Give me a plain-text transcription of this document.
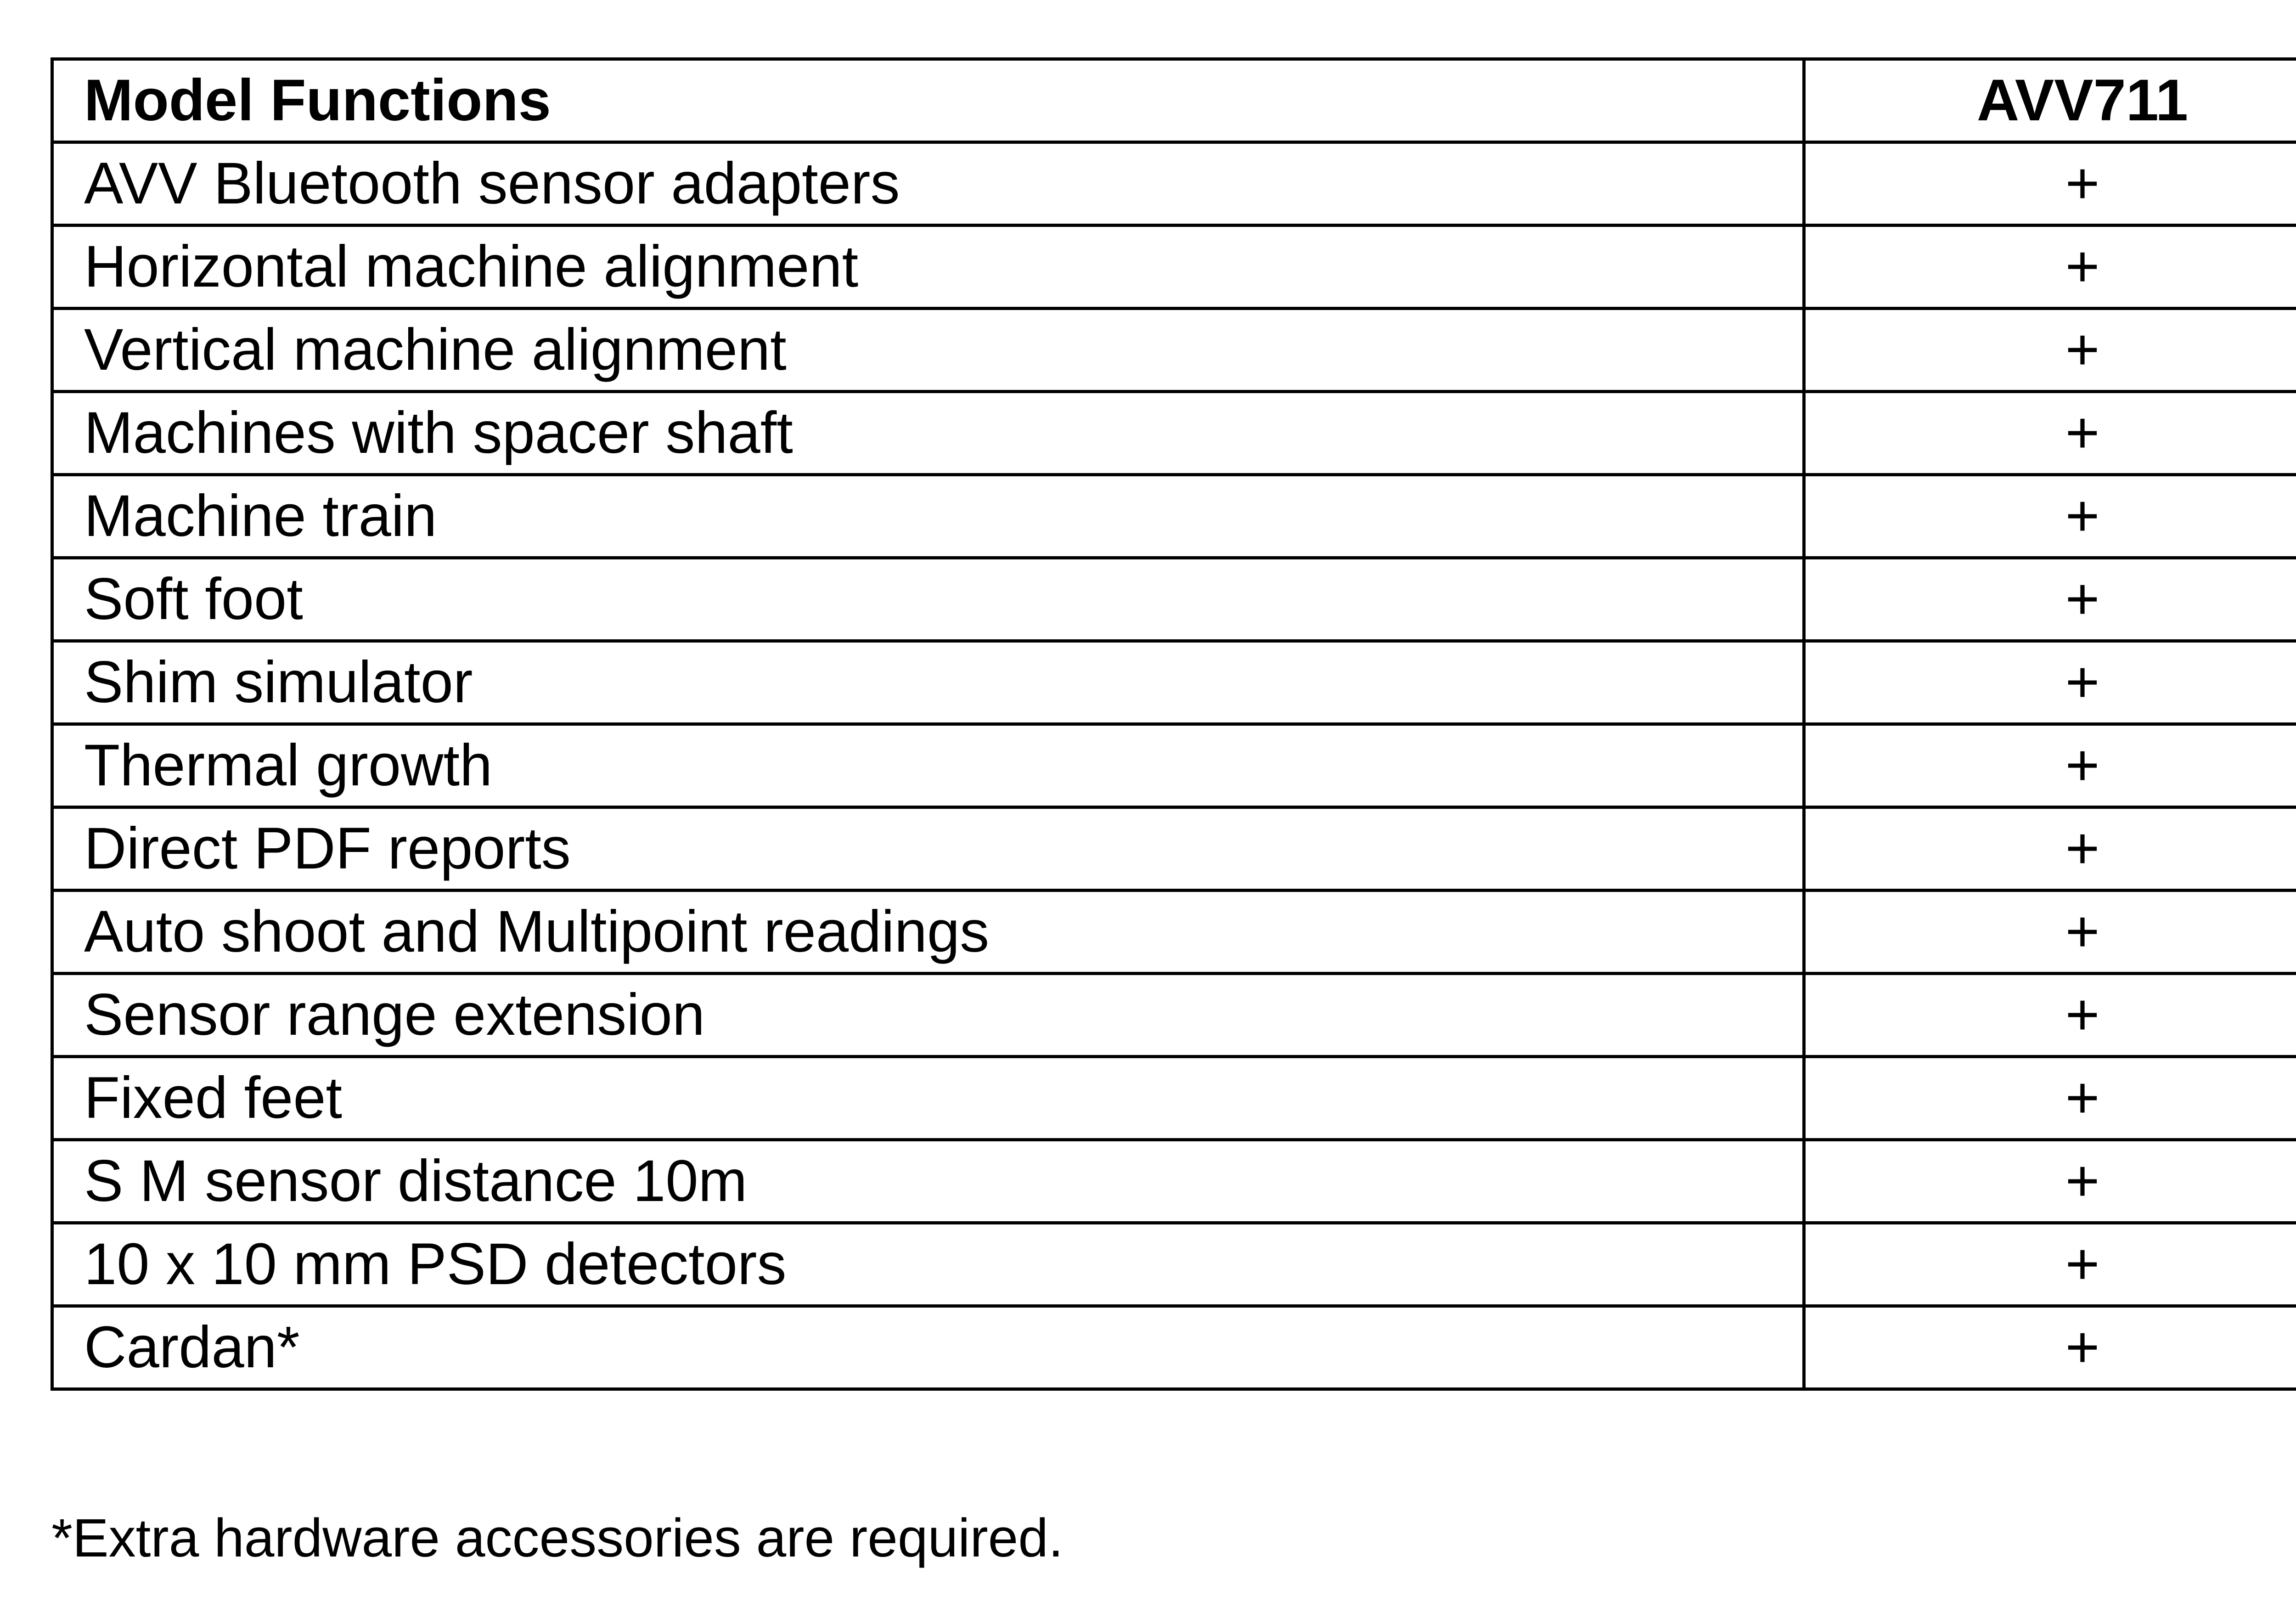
Model Functions	AVV711
AVV Bluetooth sensor adapters	+
Horizontal machine alignment	+
Vertical machine alignment	+
Machines with spacer shaft	+
Machine train	+
Soft foot	+
Shim simulator	+
Thermal growth	+
Direct PDF reports	+
Auto shoot and Multipoint readings	+
Sensor range extension	+
Fixed feet	+
S M sensor distance 10m	+
10 x 10 mm PSD detectors	+
Cardan*	+
*Extra hardware accessories are required.
